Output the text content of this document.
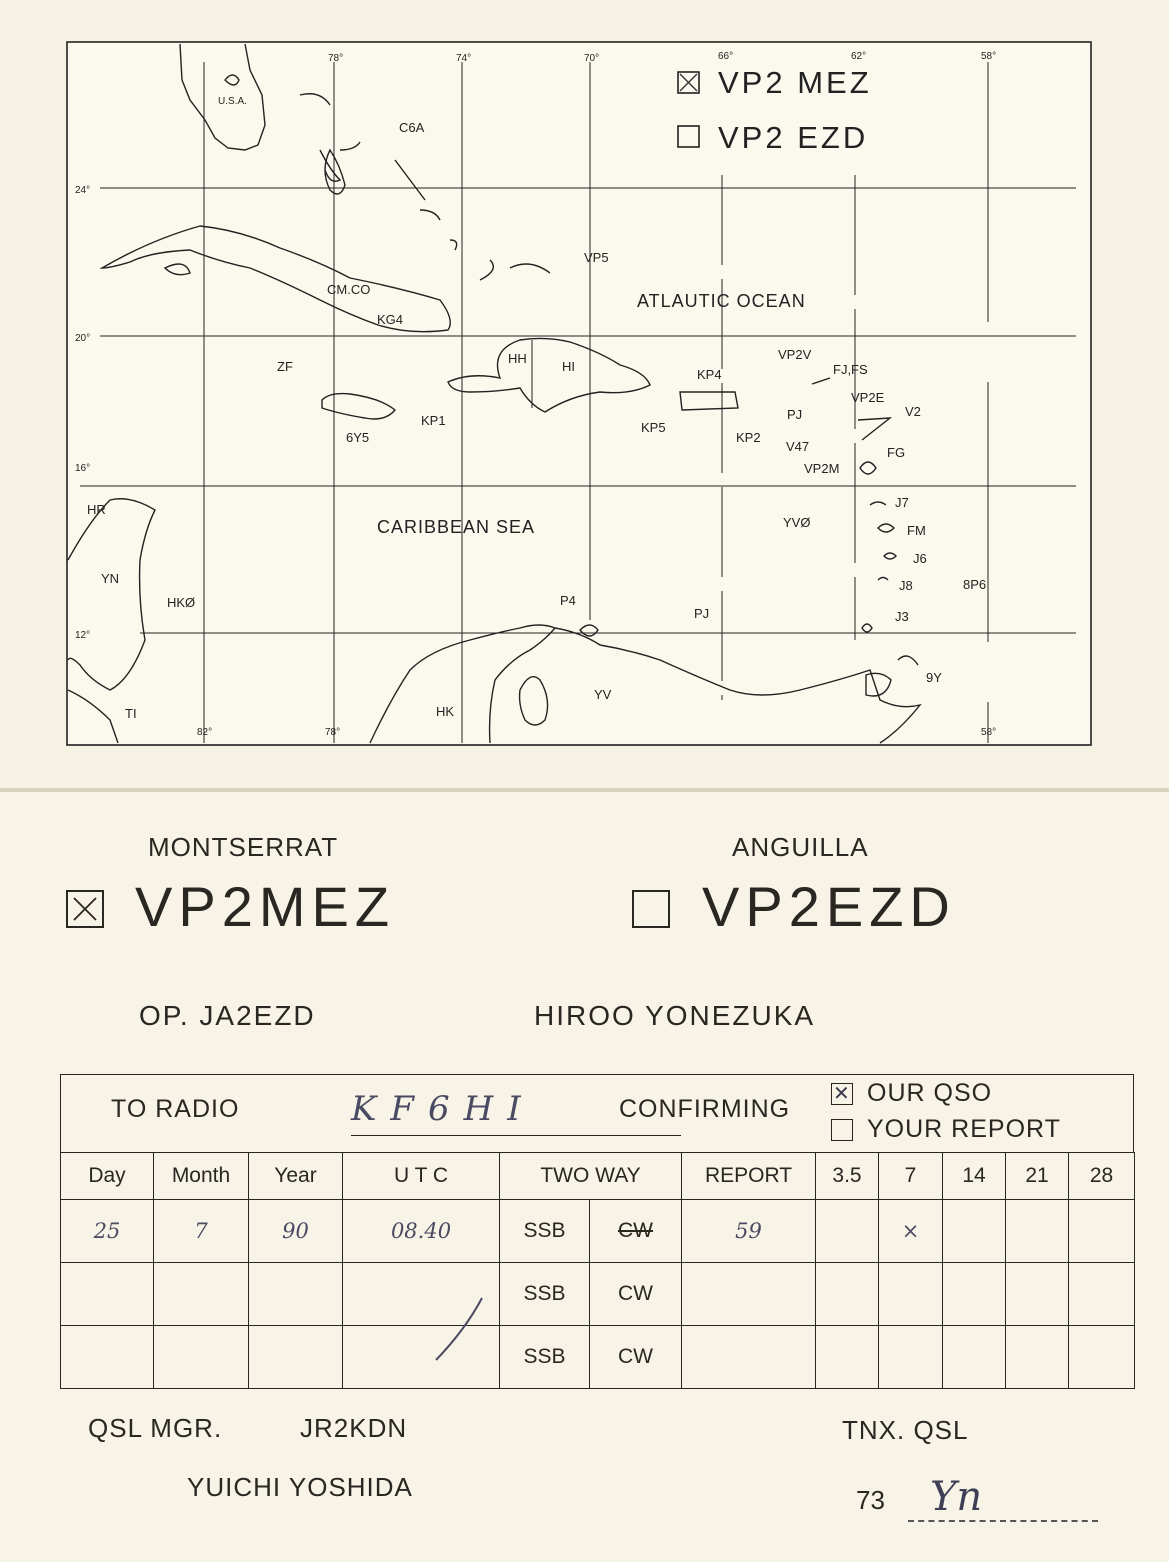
78°	74°	70°	66°	62°	58°
82°	78°	58°
24°
20°
16°
12°
VP2 MEZ
VP2 EZD
U.S.A.
C6A
VP5
CM.CO
KG4
ATLAUTIC OCEAN
ZF
HH
HI
KP4
VP2V
FJ,FS
VP2E
V2
PJ
KP1	KP5
KP2
V47
6Y5
VP2M
FG
J7
FM
J6
J8	8P6
J3
HR
CARIBBEAN SEA	YVØ
YN
HKØ	P4
PJ
HK
YV
9Y
TI
MONTSERRAT	ANGUILLA
VP2MEZ	VP2EZD
OP. JA2EZD	HIROO YONEZUKA
TO RADIO	KF6HI	CONFIRMING
✕OUR QSO
YOUR REPORT
Day	Month	Year	U T C	TWO WAY		REPORT	3.5	7	14	21	28
25	7	90	08.40	SSB	CW	59		×			
				SSB	CW						
				SSB	CW						
QSL MGR.	JR2KDN
YUICHI YOSHIDA
TNX. QSL
73 Yn
